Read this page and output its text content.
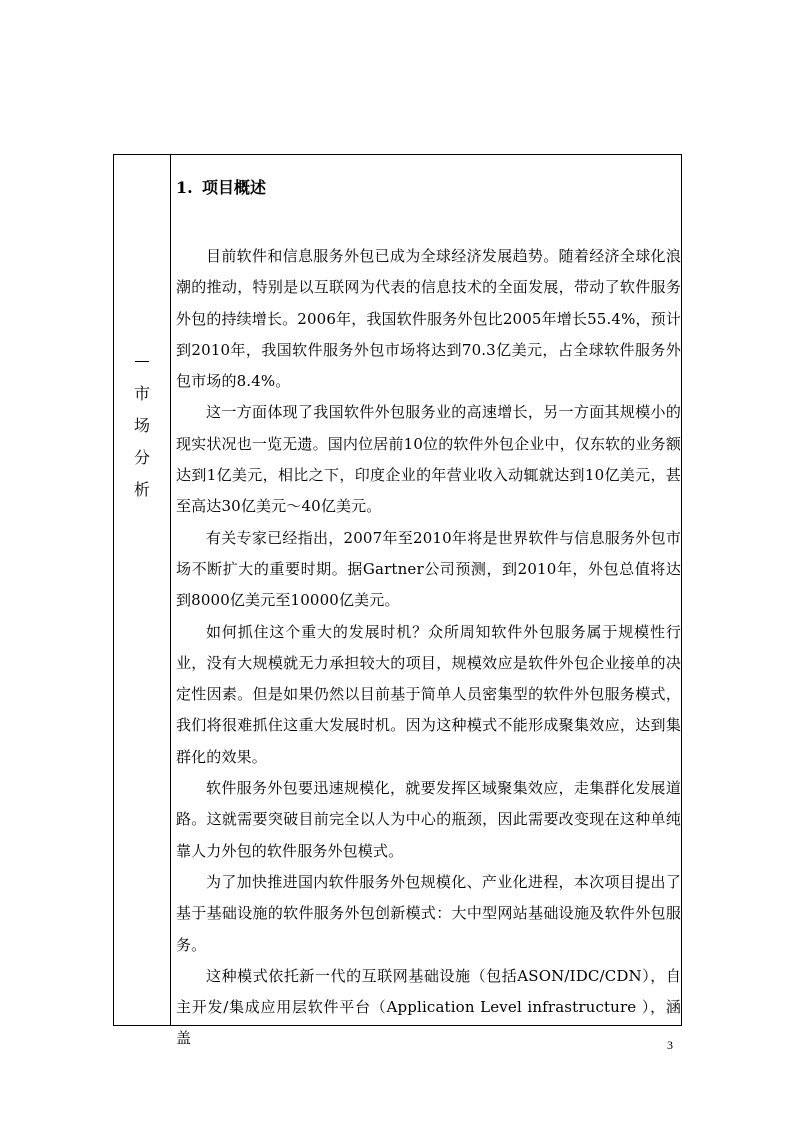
市
场
分
析
1. 项目概述

目前软件和信息服务外包已成为全球经济发展趋势。随着经济全球化浪潮的推动，特别是以互联网为代表的信息技术的全面发展，带动了软件服务外包的持续增长。2006年，我国软件服务外包比2005年增长55.4%，预计到2010年，我国软件服务外包市场将达到70.3亿美元，占全球软件服务外包市场的8.4%。

这一方面体现了我国软件外包服务业的高速增长，另一方面其规模小的现实状况也一览无遗。国内位居前10位的软件外包企业中，仅东软的业务额达到1亿美元，相比之下，印度企业的年营业收入动辄就达到10亿美元，甚至高达30亿美元～40亿美元。

有关专家已经指出，2007年至2010年将是世界软件与信息服务外包市场不断扩大的重要时期。据Gartner公司预测，到2010年，外包总值将达到8000亿美元至10000亿美元。

如何抓住这个重大的发展时机？众所周知软件外包服务属于规模性行业，没有大规模就无力承担较大的项目，规模效应是软件外包企业接单的决定性因素。但是如果仍然以目前基于简单人员密集型的软件外包服务模式，我们将很难抓住这重大发展时机。因为这种模式不能形成聚集效应，达到集群化的效果。

软件服务外包要迅速规模化，就要发挥区域聚集效应，走集群化发展道路。这就需要突破目前完全以人为中心的瓶颈，因此需要改变现在这种单纯靠人力外包的软件服务外包模式。

为了加快推进国内软件服务外包规模化、产业化进程，本次项目提出了基于基础设施的软件服务外包创新模式：大中型网站基础设施及软件外包服务。

这种模式依托新一代的互联网基础设施（包括ASON/IDC/CDN），自主开发/集成应用层软件平台（Application Level infrastructure ），涵盖	3
